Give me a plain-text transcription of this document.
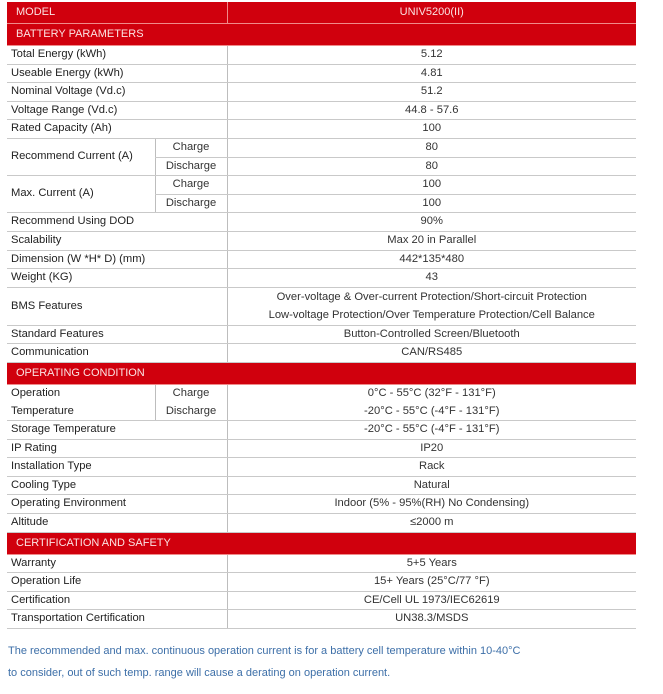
MODEL		UNIV5200(II)
BATTERY PARAMETERS		
Total Energy (kWh)		5.12
Useable Energy (kWh)		4.81
Nominal Voltage (Vd.c)		51.2
Voltage Range (Vd.c)		44.8 - 57.6
Rated Capacity (Ah)		100
Recommend Current (A)	Charge	80
	Discharge	80
Max. Current (A)	Charge	100
	Discharge	100
Recommend Using DOD		90%
Scalability		Max 20 in Parallel
Dimension (W *H* D) (mm)		442*135*480
Weight (KG)		43
BMS Features		Over-voltage & Over-current Protection/Short-circuit Protection
Low-voltage Protection/Over Temperature Protection/Cell Balance

Standard Features		Button-Controlled Screen/Bluetooth
Communication		CAN/RS485
OPERATING CONDITION		
Operation	Charge	0°C - 55°C (32°F - 131°F)
Temperature	Discharge	-20°C - 55°C (-4°F - 131°F)
Storage Temperature		-20°C - 55°C (-4°F - 131°F)
IP Rating		IP20
Installation Type		Rack
Cooling Type		Natural
Operating Environment		Indoor (5% - 95%(RH) No Condensing)
Altitude		≤2000 m
CERTIFICATION AND SAFETY		
Warranty		5+5 Years
Operation Life		15+ Years (25°C/77 °F)
Certification		CE/Cell UL 1973/IEC62619
Transportation Certification		UN38.3/MSDS

The recommended and max. continuous operation current is for a battery cell temperature within 10-40°C

to consider, out of such temp. range will cause a derating on operation current.
